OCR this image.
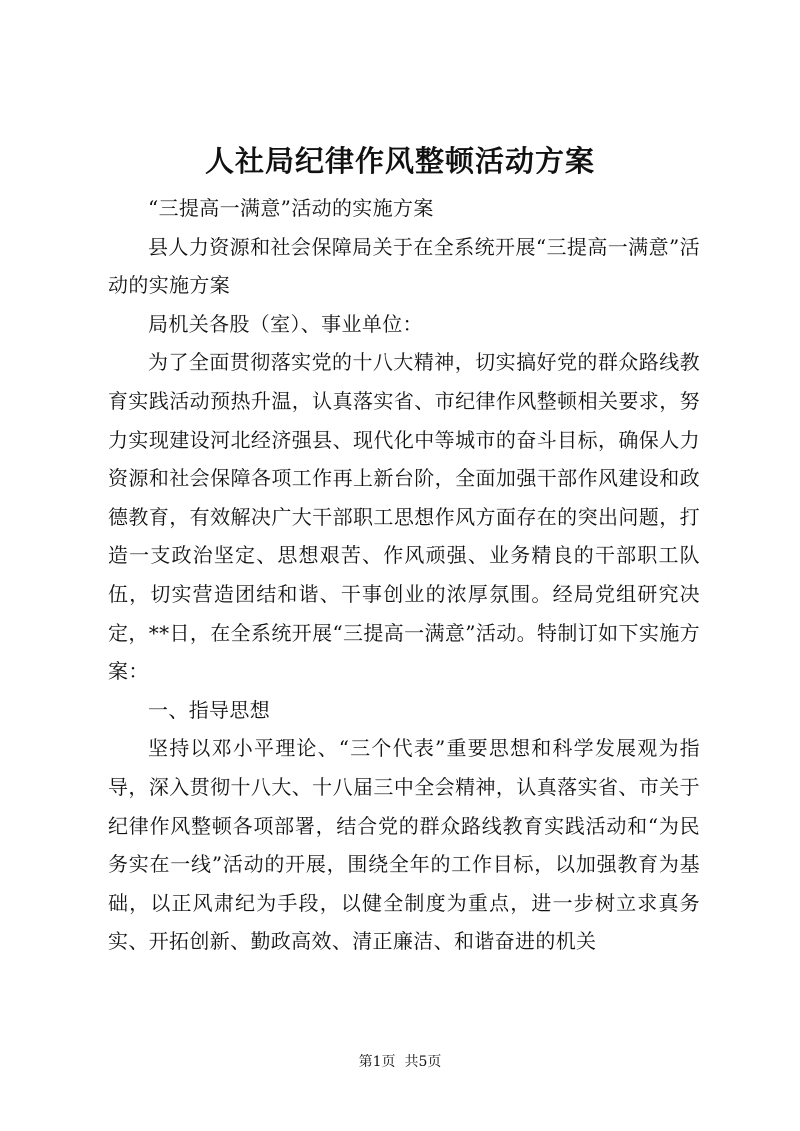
人社局纪律作风整顿活动方案

“三提高一满意”活动的实施方案

县人力资源和社会保障局关于在全系统开展“三提高一满意”活动的实施方案

局机关各股（室）、事业单位：

为了全面贯彻落实党的十八大精神，切实搞好党的群众路线教育实践活动预热升温，认真落实省、市纪律作风整顿相关要求，努力实现建设河北经济强县、现代化中等城市的奋斗目标，确保人力资源和社会保障各项工作再上新台阶，全面加强干部作风建设和政德教育，有效解决广大干部职工思想作风方面存在的突出问题，打造一支政治坚定、思想艰苦、作风顽强、业务精良的干部职工队伍，切实营造团结和谐、干事创业的浓厚氛围。经局党组研究决定，**日，在全系统开展“三提高一满意”活动。特制订如下实施方案：

一、指导思想

坚持以邓小平理论、“三个代表”重要思想和科学发展观为指导，深入贯彻十八大、十八届三中全会精神，认真落实省、市关于纪律作风整顿各项部署，结合党的群众路线教育实践活动和“为民务实在一线”活动的开展，围绕全年的工作目标，以加强教育为基础，以正风肃纪为手段，以健全制度为重点，进一步树立求真务实、开拓创新、勤政高效、清正廉洁、和谐奋进的机关

第1页  共5页
